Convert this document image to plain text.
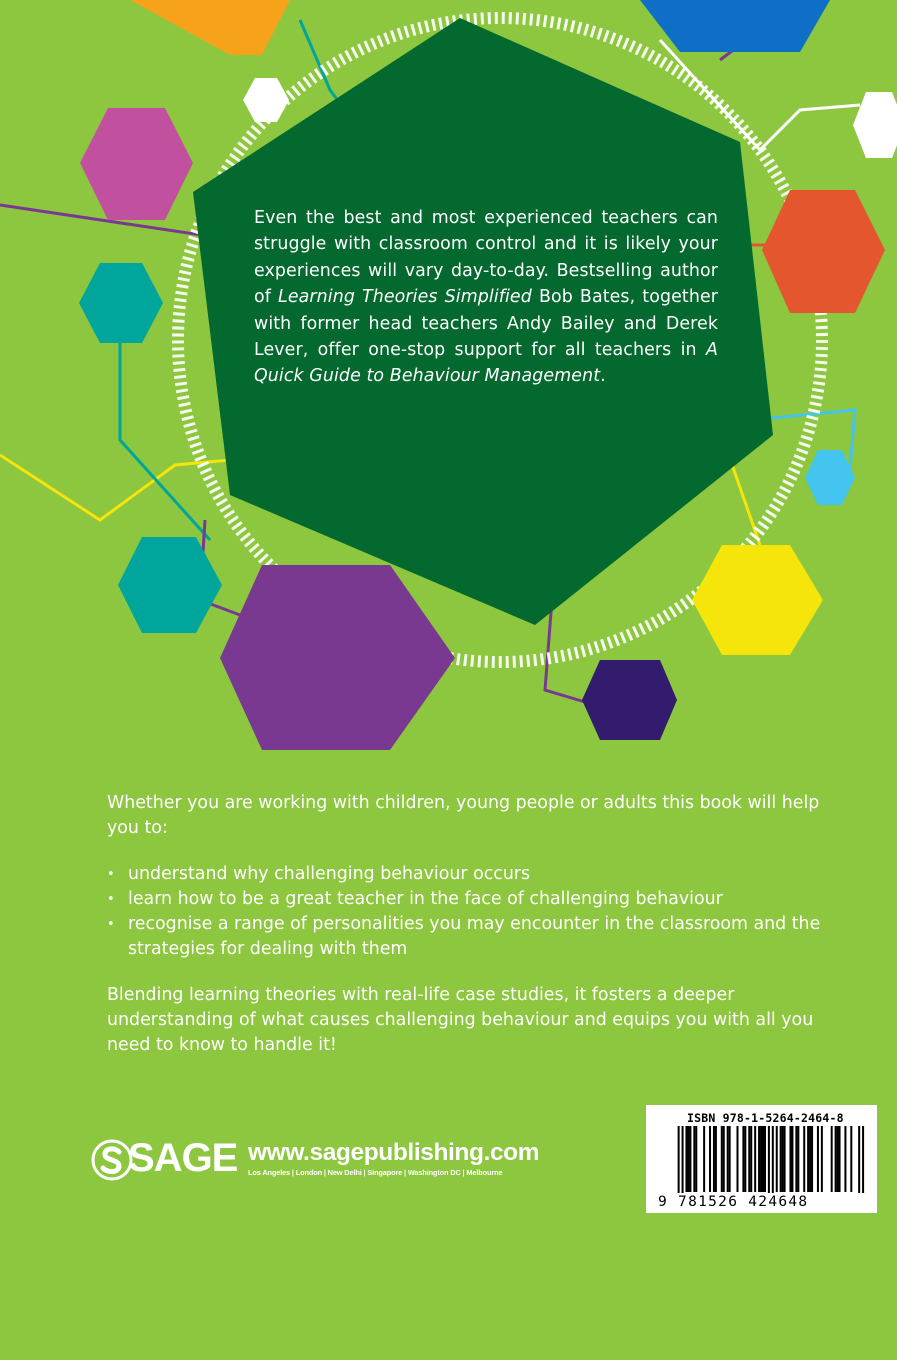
Even the best and most experienced teachers can struggle with classroom control and it is likely your experiences will vary day-to-day. Bestselling author of Learning Theories Simplified Bob Bates, together with former head teachers Andy Bailey and Derek Lever, offer one-stop support for all teachers in A Quick Guide to Behaviour Management.
Whether you are working with children, young people or adults this book will help you to:
• understand why challenging behaviour occurs
• learn how to be a great teacher in the face of challenging behaviour
• recognise a range of personalities you may encounter in the classroom and the strategies for dealing with them
Blending learning theories with real-life case studies, it fosters a deeper understanding of what causes challenging behaviour and equips you with all you need to know to handle it!
SAGE www.sagepublishing.com
Los Angeles | London | New Delhi | Singapore | Washington DC | Melbourne
ISBN 978-1-5264-2464-8
9 781526 424648
